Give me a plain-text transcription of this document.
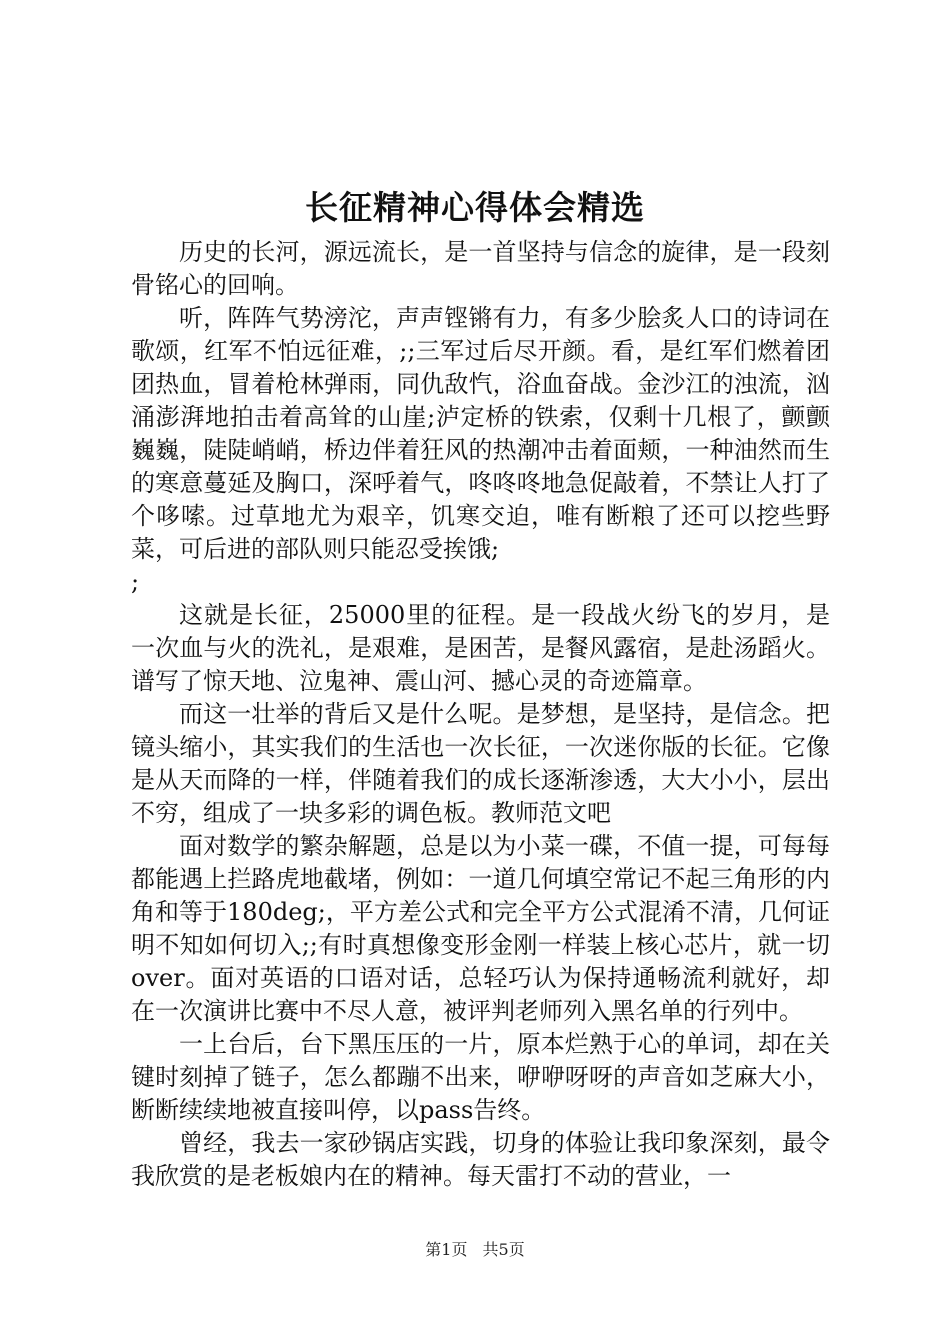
长征精神心得体会精选

历史的长河，源远流长，是一首坚持与信念的旋律，是一段刻骨铭心的回响。

听，阵阵气势滂沱，声声铿锵有力，有多少脍炙人口的诗词在歌颂，红军不怕远征难，;;三军过后尽开颜。看，是红军们燃着团团热血，冒着枪林弹雨，同仇敌忾，浴血奋战。金沙江的浊流，汹涌澎湃地拍击着高耸的山崖;泸定桥的铁索，仅剩十几根了，颤颤巍巍，陡陡峭峭，桥边伴着狂风的热潮冲击着面颊，一种油然而生的寒意蔓延及胸口，深呼着气，咚咚咚地急促敲着，不禁让人打了个哆嗦。过草地尤为艰辛，饥寒交迫，唯有断粮了还可以挖些野菜，可后进的部队则只能忍受挨饿;

;

这就是长征，25000里的征程。是一段战火纷飞的岁月，是一次血与火的洗礼，是艰难，是困苦，是餐风露宿，是赴汤蹈火。谱写了惊天地、泣鬼神、震山河、撼心灵的奇迹篇章。

而这一壮举的背后又是什么呢。是梦想，是坚持，是信念。把镜头缩小，其实我们的生活也一次长征，一次迷你版的长征。它像是从天而降的一样，伴随着我们的成长逐渐渗透，大大小小，层出不穷，组成了一块多彩的调色板。教师范文吧

面对数学的繁杂解题，总是以为小菜一碟，不值一提，可每每都能遇上拦路虎地截堵，例如：一道几何填空常记不起三角形的内角和等于180deg;，平方差公式和完全平方公式混淆不清，几何证明不知如何切入;;有时真想像变形金刚一样装上核心芯片，就一切over。面对英语的口语对话，总轻巧认为保持通畅流利就好，却在一次演讲比赛中不尽人意，被评判老师列入黑名单的行列中。

一上台后，台下黑压压的一片，原本烂熟于心的单词，却在关键时刻掉了链子，怎么都蹦不出来，咿咿呀呀的声音如芝麻大小，断断续续地被直接叫停，以pass告终。

曾经，我去一家砂锅店实践，切身的体验让我印象深刻，最令我欣赏的是老板娘内在的精神。每天雷打不动的营业，一

第1页 共5页
